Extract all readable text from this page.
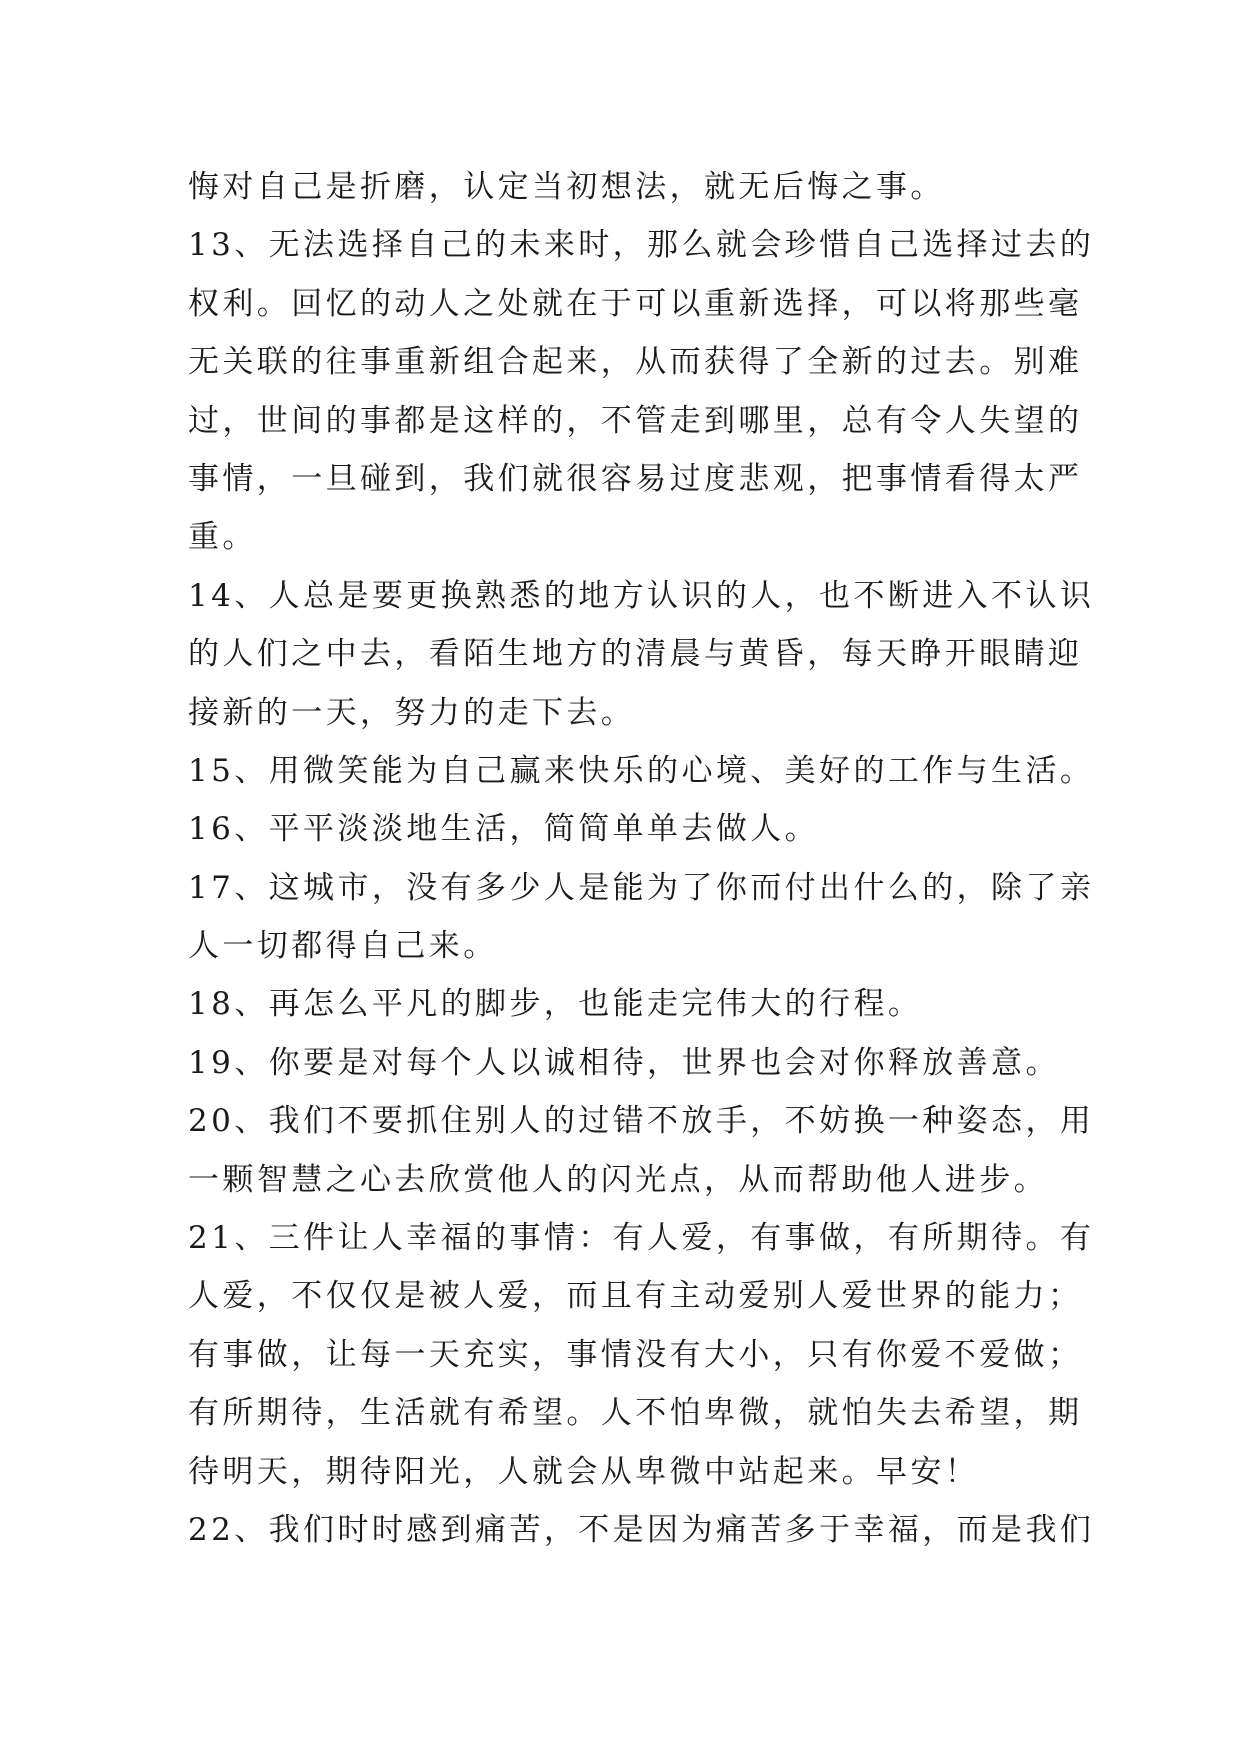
悔对自己是折磨，认定当初想法，就无后悔之事。
13、无法选择自己的未来时，那么就会珍惜自己选择过去的
权利。回忆的动人之处就在于可以重新选择，可以将那些毫
无关联的往事重新组合起来，从而获得了全新的过去。别难
过，世间的事都是这样的，不管走到哪里，总有令人失望的
事情，一旦碰到，我们就很容易过度悲观，把事情看得太严
重。
14、人总是要更换熟悉的地方认识的人，也不断进入不认识
的人们之中去，看陌生地方的清晨与黄昏，每天睁开眼睛迎
接新的一天，努力的走下去。
15、用微笑能为自己赢来快乐的心境、美好的工作与生活。
16、平平淡淡地生活，简简单单去做人。
17、这城市，没有多少人是能为了你而付出什么的，除了亲
人一切都得自己来。
18、再怎么平凡的脚步，也能走完伟大的行程。
19、你要是对每个人以诚相待，世界也会对你释放善意。
20、我们不要抓住别人的过错不放手，不妨换一种姿态，用
一颗智慧之心去欣赏他人的闪光点，从而帮助他人进步。
21、三件让人幸福的事情：有人爱，有事做，有所期待。有
人爱，不仅仅是被人爱，而且有主动爱别人爱世界的能力；
有事做，让每一天充实，事情没有大小，只有你爱不爱做；
有所期待，生活就有希望。人不怕卑微，就怕失去希望，期
待明天，期待阳光，人就会从卑微中站起来。早安！
22、我们时时感到痛苦，不是因为痛苦多于幸福，而是我们
